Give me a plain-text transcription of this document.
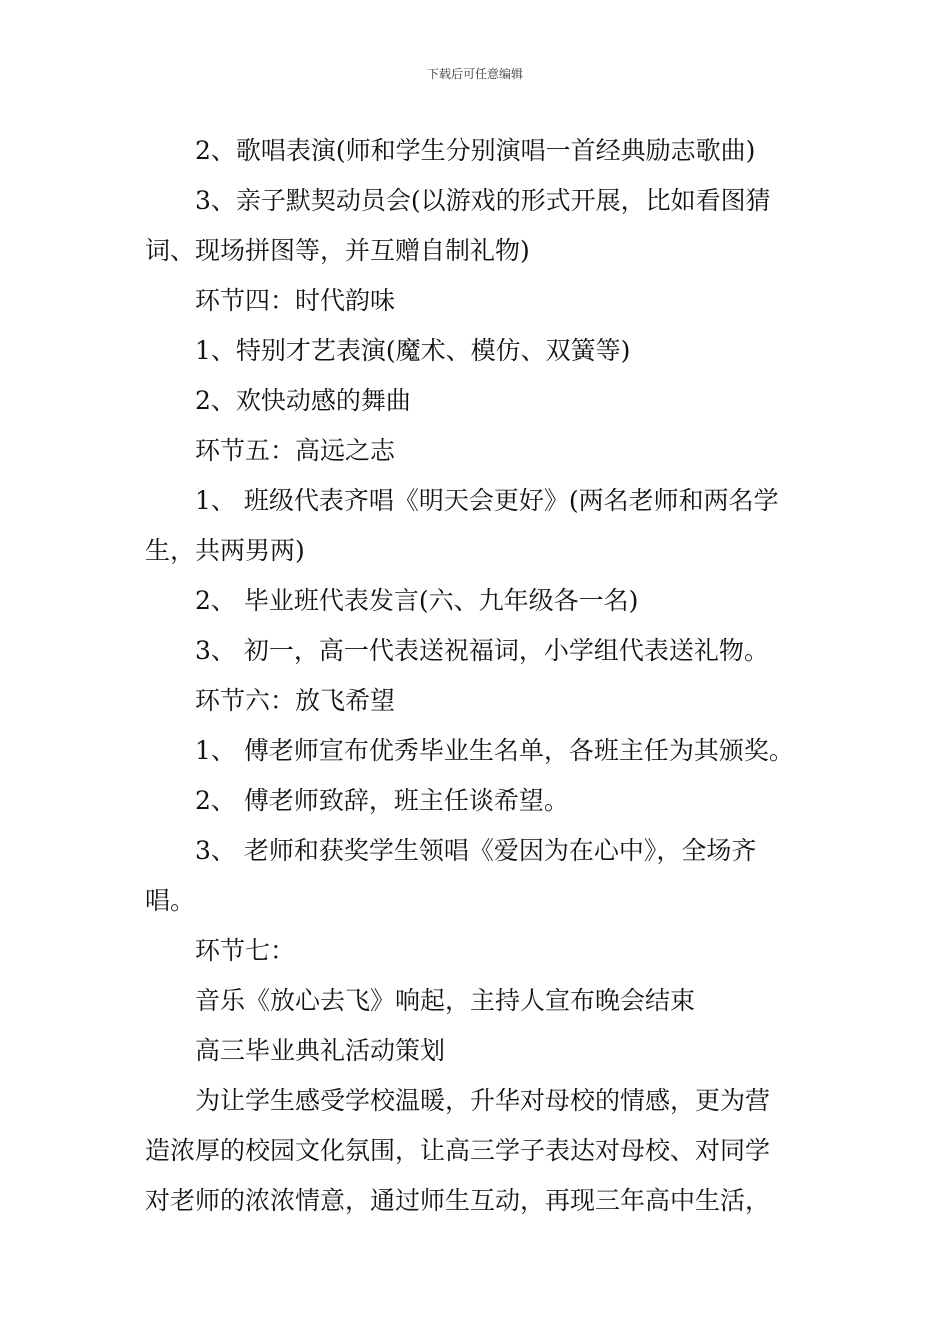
下载后可任意编辑

2、歌唱表演(师和学生分别演唱一首经典励志歌曲)

3、亲子默契动员会(以游戏的形式开展，比如看图猜

词、现场拼图等，并互赠自制礼物)

环节四：时代韵味

1、特别才艺表演(魔术、模仿、双簧等)

2、欢快动感的舞曲

环节五：高远之志

1、 班级代表齐唱《明天会更好》(两名老师和两名学

生，共两男两)

2、 毕业班代表发言(六、九年级各一名)

3、 初一，高一代表送祝福词，小学组代表送礼物。

环节六：放飞希望

1、 傅老师宣布优秀毕业生名单，各班主任为其颁奖。

2、 傅老师致辞，班主任谈希望。

3、 老师和获奖学生领唱《爱因为在心中》，全场齐

唱。

环节七：

音乐《放心去飞》响起，主持人宣布晚会结束

高三毕业典礼活动策划

为让学生感受学校温暖，升华对母校的情感，更为营

造浓厚的校园文化氛围，让高三学子表达对母校、对同学

对老师的浓浓情意，通过师生互动，再现三年高中生活，
